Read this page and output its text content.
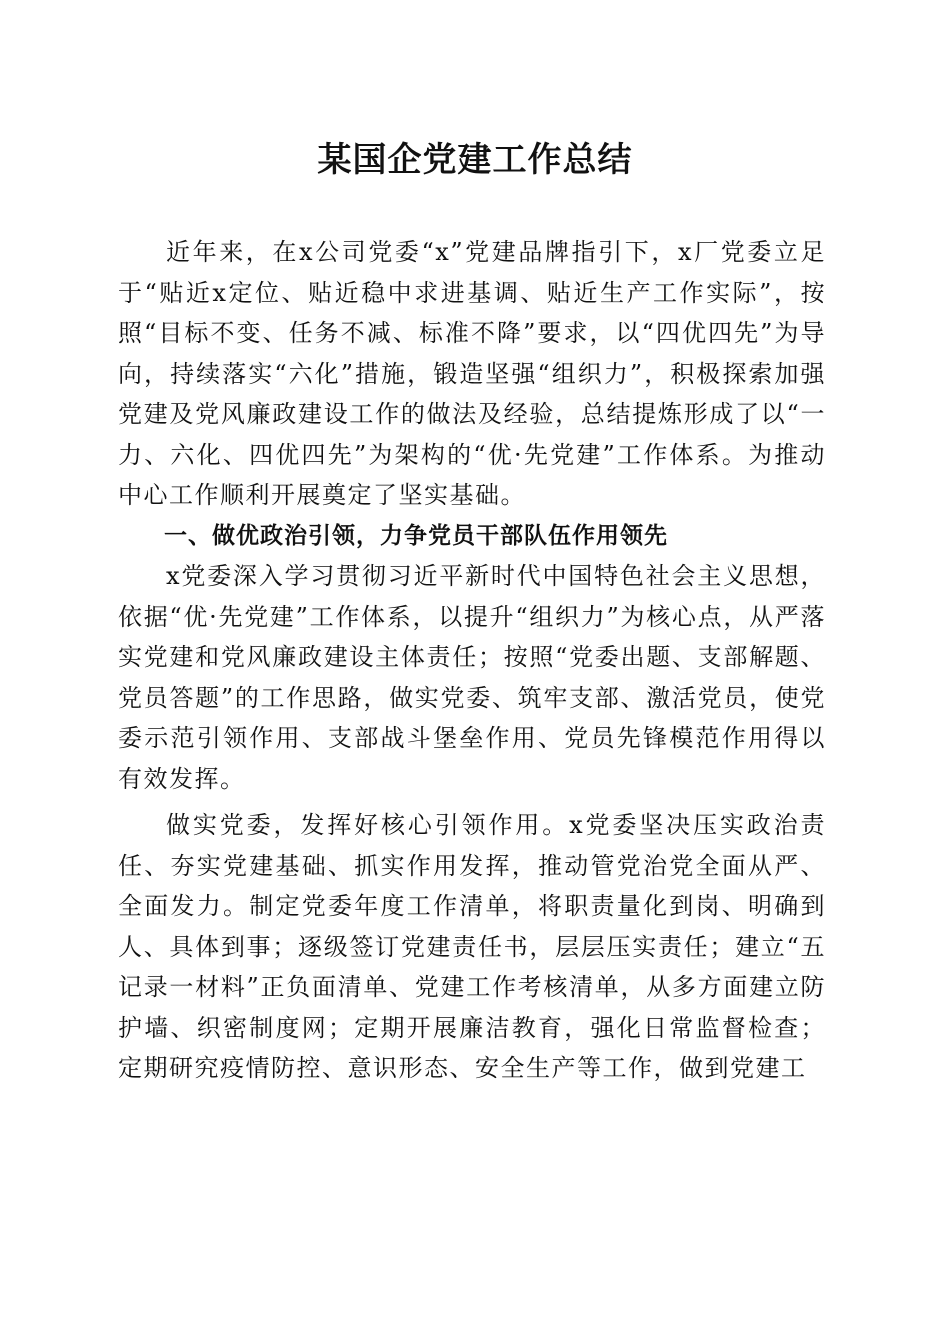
某国企党建工作总结

近年来，在x公司党委“x”党建品牌指引下，x厂党委立足于“贴近x定位、贴近稳中求进基调、贴近生产工作实际”，按照“目标不变、任务不减、标准不降”要求，以“四优四先”为导向，持续落实“六化”措施，锻造坚强“组织力”，积极探索加强党建及党风廉政建设工作的做法及经验，总结提炼形成了以“一力、六化、四优四先”为架构的“优·先党建”工作体系。为推动中心工作顺利开展奠定了坚实基础。

一、做优政治引领，力争党员干部队伍作用领先

x党委深入学习贯彻习近平新时代中国特色社会主义思想，依据“优·先党建”工作体系，以提升“组织力”为核心点，从严落实党建和党风廉政建设主体责任；按照“党委出题、支部解题、党员答题”的工作思路，做实党委、筑牢支部、激活党员，使党委示范引领作用、支部战斗堡垒作用、党员先锋模范作用得以有效发挥。

做实党委，发挥好核心引领作用。x党委坚决压实政治责任、夯实党建基础、抓实作用发挥，推动管党治党全面从严、全面发力。制定党委年度工作清单，将职责量化到岗、明确到人、具体到事；逐级签订党建责任书，层层压实责任；建立“五记录一材料”正负面清单、党建工作考核清单，从多方面建立防护墙、织密制度网；定期开展廉洁教育，强化日常监督检查；定期研究疫情防控、意识形态、安全生产等工作，做到党建工
